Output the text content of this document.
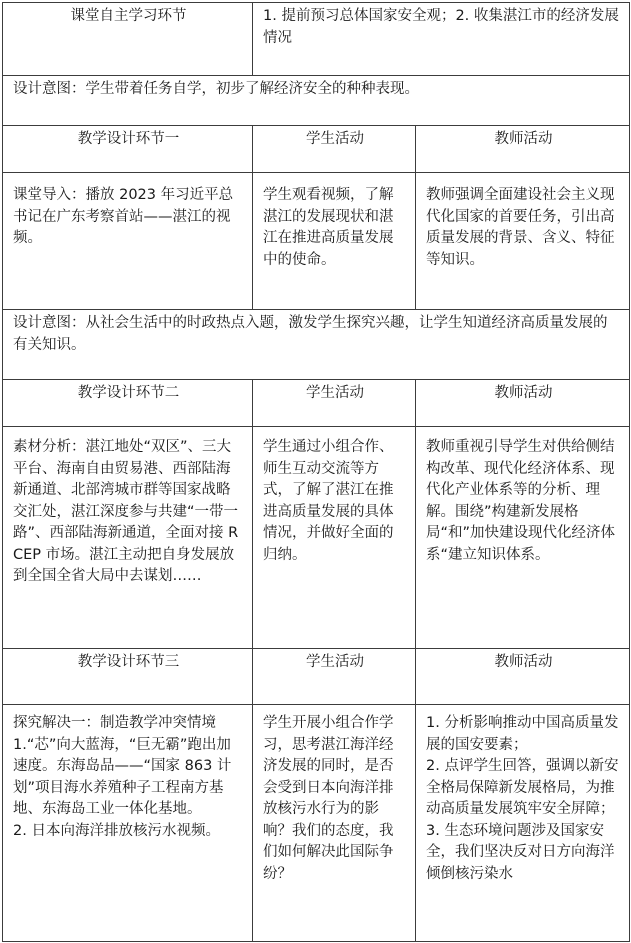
课堂自主学习环节	1. 提前预习总体国家安全观；2. 收集湛江市的经济发展情况	
设计意图：学生带着任务自学，初步了解经济安全的种种表现。		
教学设计环节一	学生活动	教师活动
课堂导入：播放 2023 年习近平总书记在广东考察首站——湛江的视频。	学生观看视频，了解湛江的发展现状和湛江在推进高质量发展中的使命。	教师强调全面建设社会主义现代化国家的首要任务，引出高质量发展的背景、含义、特征等知识。
设计意图：从社会生活中的时政热点入题，激发学生探究兴趣，让学生知道经济高质量发展的有关知识。		
教学设计环节二	学生活动	教师活动
素材分析：湛江地处“双区”、三大平台、海南自由贸易港、西部陆海新通道、北部湾城市群等国家战略交汇处，湛江深度参与共建“一带一路”、西部陆海新通道，全面对接 RCEP 市场。湛江主动把自身发展放到全国全省大局中去谋划……	学生通过小组合作、师生互动交流等方式，了解了湛江在推进高质量发展的具体情况，并做好全面的归纳。	教师重视引导学生对供给侧结构改革、现代化经济体系、现代化产业体系等的分析、理解。围绕”构建新发展格局“和”加快建设现代化经济体系“建立知识体系。
教学设计环节三	学生活动	教师活动
探究解决一：制造教学冲突情境
1.“芯”向大蓝海，“巨无霸”跑出加速度。东海岛品——“国家 863 计划”项目海水养殖种子工程南方基地、东海岛工业一体化基地。
2. 日本向海洋排放核污水视频。	学生开展小组合作学习，思考湛江海洋经济发展的同时，是否会受到日本向海洋排放核污水行为的影响？我们的态度，我们如何解决此国际争纷？	1. 分析影响推动中国高质量发展的国安要素；
2. 点评学生回答，强调以新安全格局保障新发展格局，为推动高质量发展筑牢安全屏障；
3. 生态环境问题涉及国家安全，我们坚决反对日方向海洋倾倒核污染水
